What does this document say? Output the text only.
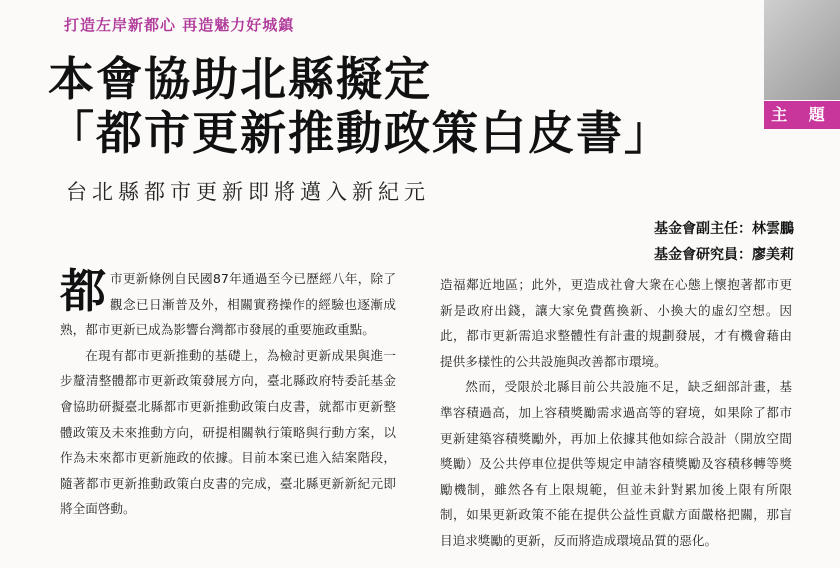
打造左岸新都心 再造魅力好城鎮
本會協助北縣擬定
「都市更新推動政策白皮書」
台北縣都市更新即將邁入新紀元
主 題
基金會副主任：林雲鵬
基金會研究員：廖美莉

都市更新條例自民國87年通過至今已歷經八年，除了觀念已日漸普及外，相關實務操作的經驗也逐漸成熟，都市更新已成為影響台灣都市發展的重要施政重點。

在現有都市更新推動的基礎上，為檢討更新成果與進一步釐清整體都市更新政策發展方向，臺北縣政府特委託基金會協助研擬臺北縣都市更新推動政策白皮書，就都市更新整體政策及未來推動方向，研提相關執行策略與行動方案，以作為未來都市更新施政的依據。目前本案已進入結案階段，隨著都市更新推動政策白皮書的完成，臺北縣更新新紀元即將全面啓動。

造福鄰近地區；此外，更造成社會大衆在心態上懷抱著都市更新是政府出錢，讓大家免費舊換新、小換大的虛幻空想。因此，都市更新需追求整體性有計畫的規劃發展，才有機會藉由提供多樣性的公共設施與改善都市環境。

然而，受限於北縣目前公共設施不足，缺乏細部計畫，基準容積過高，加上容積獎勵需求過高等的窘境，如果除了都市更新建築容積獎勵外，再加上依據其他如綜合設計（開放空間獎勵）及公共停車位提供等規定申請容積獎勵及容積移轉等獎勵機制，雖然各有上限規範，但並未針對累加後上限有所限制，如果更新政策不能在提供公益性貢獻方面嚴格把關，那盲目追求獎勵的更新，反而將造成環境品質的惡化。
